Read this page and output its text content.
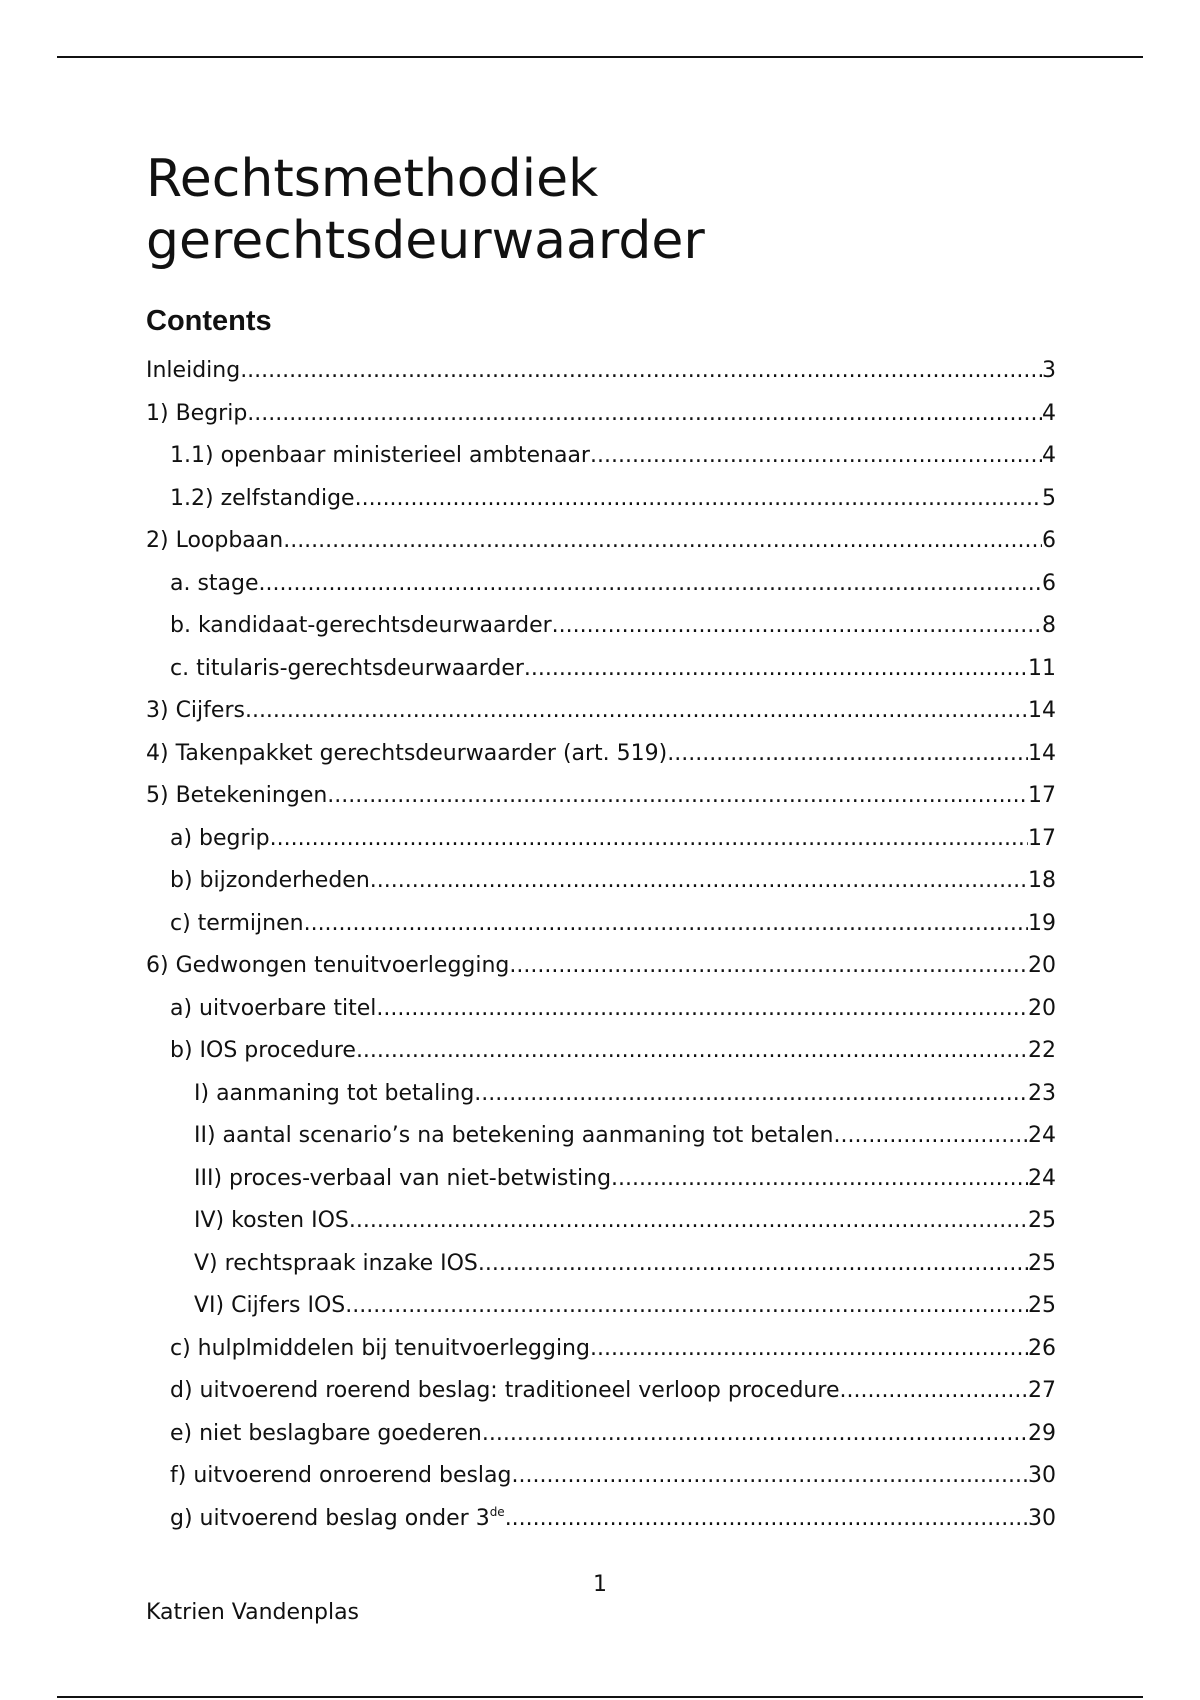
Rechtsmethodiek
gerechtsdeurwaarder
Contents
Inleiding .....	3
1) Begrip .....	4
1.1) openbaar ministerieel ambtenaar .....	4
1.2) zelfstandige .....	5
2) Loopbaan .....	6
a. stage .....	6
b. kandidaat-gerechtsdeurwaarder .....	8
c. titularis-gerechtsdeurwaarder .....	11
3) Cijfers .....	14
4) Takenpakket gerechtsdeurwaarder (art. 519) .....	14
5) Betekeningen .....	17
a) begrip .....	17
b) bijzonderheden .....	18
c) termijnen .....	19
6) Gedwongen tenuitvoerlegging .....	20
a) uitvoerbare titel .....	20
b) IOS procedure .....	22
I) aanmaning tot betaling .....	23
II) aantal scenario’s na betekening aanmaning tot betalen .....	24
III) proces-verbaal van niet-betwisting .....	24
IV) kosten IOS .....	25
V) rechtspraak inzake IOS .....	25
VI) Cijfers IOS .....	25
c) hulplmiddelen bij tenuitvoerlegging .....	26
d) uitvoerend roerend beslag: traditioneel verloop procedure .....	27
e) niet beslagbare goederen .....	29
f) uitvoerend onroerend beslag .....	30
g) uitvoerend beslag onder 3de .....	30
1
Katrien Vandenplas
